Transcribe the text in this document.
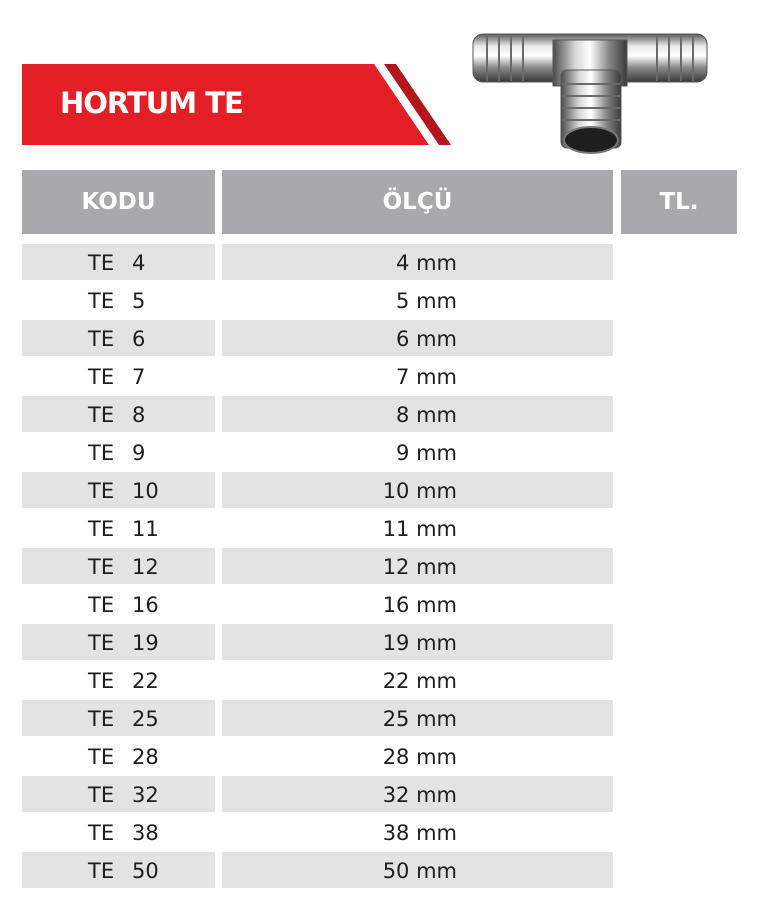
HORTUM TE
KODU	ÖLÇÜ	TL.
TE 4	4 mm
TE 5	5 mm
TE 6	6 mm
TE 7	7 mm
TE 8	8 mm
TE 9	9 mm
TE 10	10 mm
TE 11	11 mm
TE 12	12 mm
TE 16	16 mm
TE 19	19 mm
TE 22	22 mm
TE 25	25 mm
TE 28	28 mm
TE 32	32 mm
TE 38	38 mm
TE 50	50 mm
